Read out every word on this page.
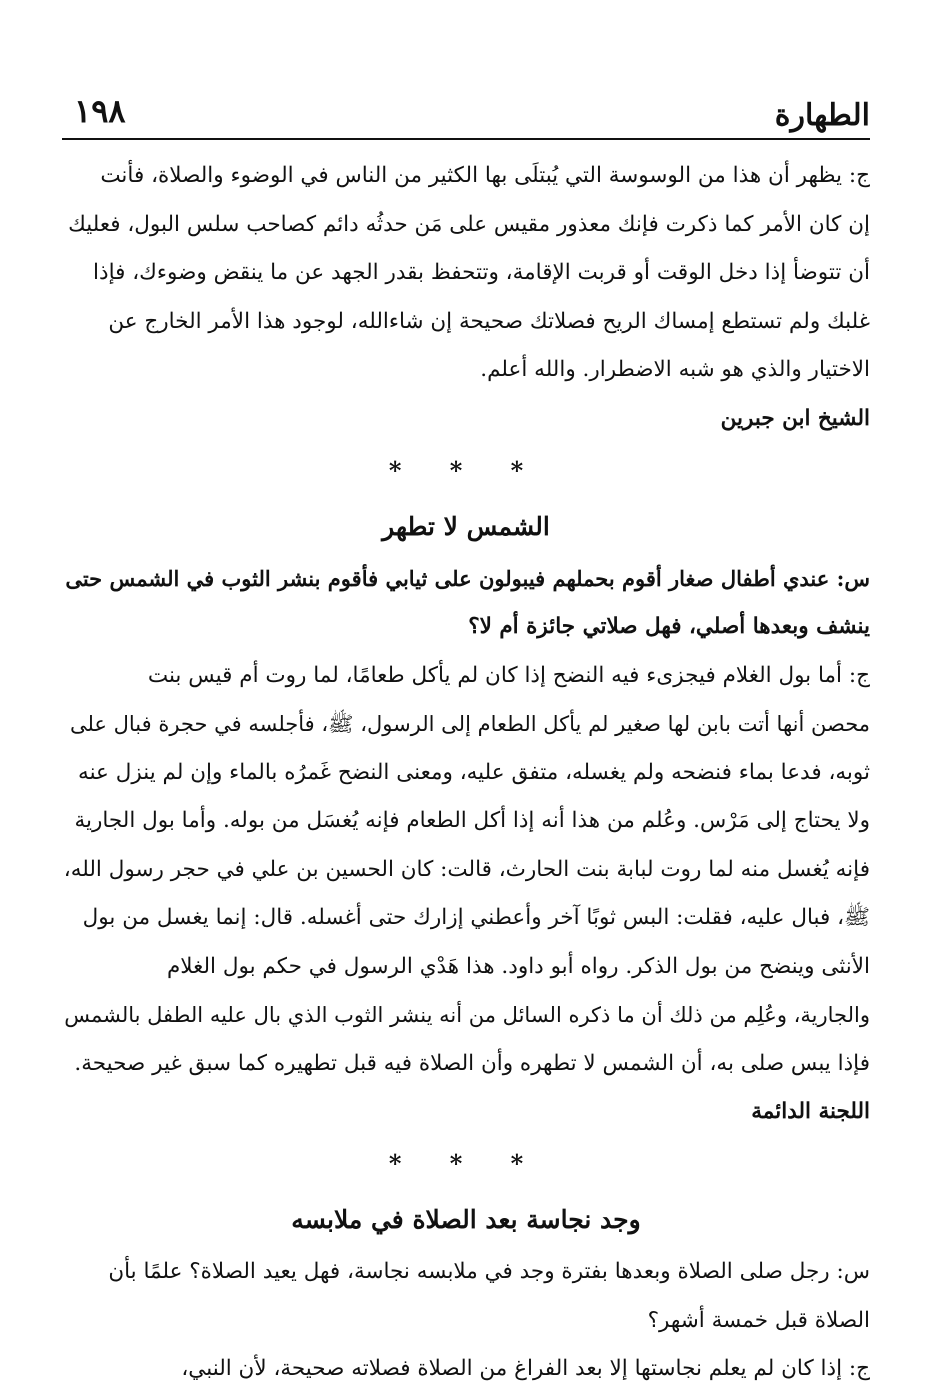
الطهارة
١٩٨

ج: يظهر أن هذا من الوسوسة التي يُبتلَى بها الكثير من الناس في الوضوء والصلاة، فأنت

إن كان الأمر كما ذكرت فإنك معذور مقيس على مَن حدثُه دائم كصاحب سلس البول، فعليك

أن تتوضأ إذا دخل الوقت أو قربت الإقامة، وتتحفظ بقدر الجهد عن ما ينقض وضوءك، فإذا

غلبك ولم تستطع إمساك الريح فصلاتك صحيحة إن شاءالله، لوجود هذا الأمر الخارج عن

الاختيار والذي هو شبه الاضطرار. والله أعلم.

الشيخ ابن جبرين

* * *
الشمس لا تطهر

س: عندي أطفال صغار أقوم بحملهم فيبولون على ثيابي فأقوم بنشر الثوب في الشمس حتى

ينشف وبعدها أصلي، فهل صلاتي جائزة أم لا؟

ج: أما بول الغلام فيجزىء فيه النضح إذا كان لم يأكل طعامًا، لما روت أم قيس بنت

محصن أنها أتت بابن لها صغير لم يأكل الطعام إلى الرسول، ﷺ، فأجلسه في حجرة فبال على

ثوبه، فدعا بماء فنضحه ولم يغسله، متفق عليه، ومعنى النضح غَمرُه بالماء وإن لم ينزل عنه

ولا يحتاج إلى مَرْس. وعُلم من هذا أنه إذا أكل الطعام فإنه يُغسَل من بوله. وأما بول الجارية

فإنه يُغسل منه لما روت لبابة بنت الحارث، قالت: كان الحسين بن علي في حجر رسول الله،

ﷺ، فبال عليه، فقلت: البس ثوبًا آخر وأعطني إزارك حتى أغسله. قال: إنما يغسل من بول

الأنثى وينضح من بول الذكر. رواه أبو داود. هذا هَدْي الرسول في حكم بول الغلام

والجارية، وعُلِم من ذلك أن ما ذكره السائل من أنه ينشر الثوب الذي بال عليه الطفل بالشمس

فإذا يبس صلى به، أن الشمس لا تطهره وأن الصلاة فيه قبل تطهيره كما سبق غير صحيحة.

اللجنة الدائمة

* * *
وجد نجاسة بعد الصلاة في ملابسه

س: رجل صلى الصلاة وبعدها بفترة وجد في ملابسه نجاسة، فهل يعيد الصلاة؟ علمًا بأن

الصلاة قبل خمسة أشهر؟

ج: إذا كان لم يعلم نجاستها إلا بعد الفراغ من الصلاة فصلاته صحيحة، لأن النبي،
